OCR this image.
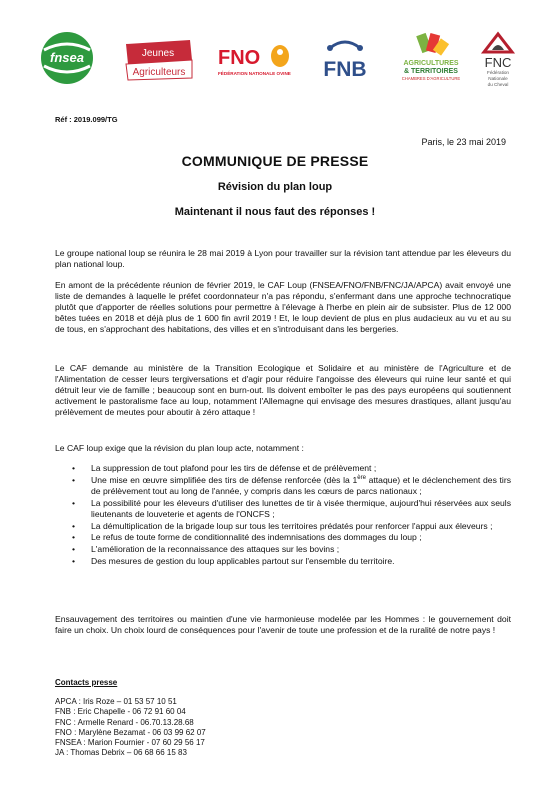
fnsea	Jeunes
Agriculteurs
FNO
FÉDÉRATION NATIONALE OVINE FNB	AGRICULTURES
& TERRITOIRES
CHAMBRES D'AGRICULTURE
FNC
Fédération
Nationale
du Cheval
Réf : 2019.099/TG
Paris, le 23 mai 2019
COMMUNIQUE DE PRESSE
Révision du plan loup
Maintenant il nous faut des réponses !
Le groupe national loup se réunira le 28 mai 2019 à Lyon pour travailler sur la révision tant attendue par les éleveurs du plan national loup.
En amont de la précédente réunion de février 2019, le CAF Loup (FNSEA/FNO/FNB/FNC/JA/APCA) avait envoyé une liste de demandes à laquelle le préfet coordonnateur n'a pas répondu, s'enfermant dans une approche technocratique plutôt que d'apporter de réelles solutions pour permettre à l'élevage à l'herbe en plein air de subsister. Plus de 12 000 bêtes tuées en 2018 et déjà plus de 1 600 fin avril 2019 ! Et, le loup devient de plus en plus audacieux au vu et au su de tous, en s'approchant des habitations, des villes et en s'introduisant dans les bergeries.
Le CAF demande au ministère de la Transition Ecologique et Solidaire et au ministère de l'Agriculture et de l'Alimentation de cesser leurs tergiversations et d'agir pour réduire l'angoisse des éleveurs qui ruine leur santé et qui détruit leur vie de famille ; beaucoup sont en burn-out. Ils doivent emboîter le pas des pays européens qui soutiennent activement le pastoralisme face au loup, notamment l'Allemagne qui envisage des mesures drastiques, allant jusqu'au prélèvement de meutes pour aboutir à zéro attaque !
Le CAF loup exige que la révision du plan loup acte, notamment :
• La suppression de tout plafond pour les tirs de défense et de prélèvement ;
• Une mise en œuvre simplifiée des tirs de défense renforcée (dès la 1ère attaque) et le déclenchement des tirs de prélèvement tout au long de l'année, y compris dans les cœurs de parcs nationaux ;
• La possibilité pour les éleveurs d'utiliser des lunettes de tir à visée thermique, aujourd'hui réservées aux seuls lieutenants de louveterie et agents de l'ONCFS ;
• La démultiplication de la brigade loup sur tous les territoires prédatés pour renforcer l'appui aux éleveurs ;
• Le refus de toute forme de conditionnalité des indemnisations des dommages du loup ;
• L'amélioration de la reconnaissance des attaques sur les bovins ;
• Des mesures de gestion du loup applicables partout sur l'ensemble du territoire.
Ensauvagement des territoires ou maintien d'une vie harmonieuse modelée par les Hommes : le gouvernement doit faire un choix. Un choix lourd de conséquences pour l'avenir de toute une profession et de la ruralité de notre pays !
Contacts presse
APCA : Iris Roze – 01 53 57 10 51
FNB : Eric Chapelle - 06 72 91 60 04
FNC : Armelle Renard - 06.70.13.28.68
FNO : Marylène Bezamat - 06 03 99 62 07
FNSEA : Marion Fournier - 07 60 29 56 17
JA : Thomas Debrix – 06 68 66 15 83
